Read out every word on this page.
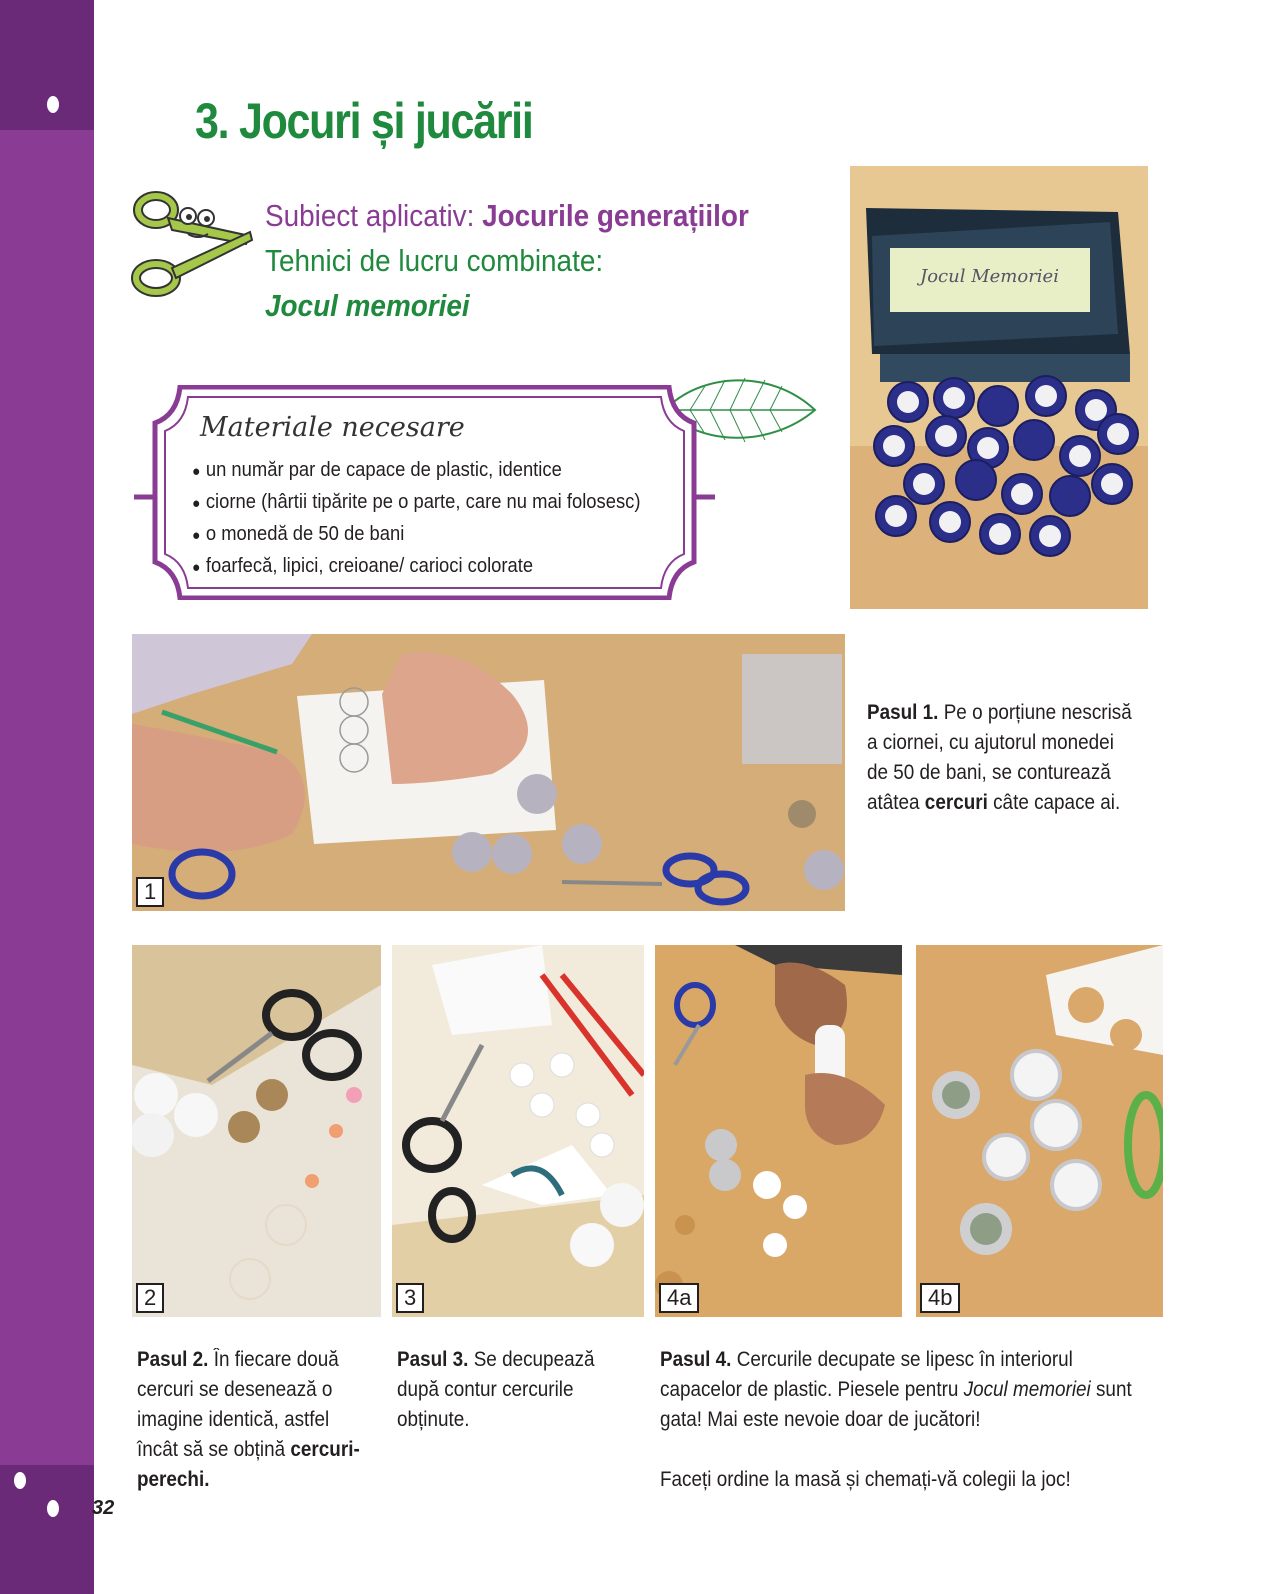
32
3. Jocuri și jucării
Subiect aplicativ: Jocurile generațiilor
Tehnici de lucru combinate:
Jocul memoriei
Materiale necesare
● un număr par de capace de plastic, identice
● ciorne (hârtii tipărite pe o parte, care nu mai folosesc)
● o monedă de 50 de bani
● foarfecă, lipici, creioane/ carioci colorate
Jocul Memoriei
1
Pasul 1. Pe o porțiune nescrisă a ciornei, cu ajutorul monedei de 50 de bani, se conturează atâtea cercuri câte capace ai.
2	3	4a	4b
Pasul 2. În fiecare două cercuri se desenează o imagine identică, astfel încât să se obțină cercuri-perechi.
Pasul 3. Se decupează după contur cercurile obținute.
Pasul 4. Cercurile decupate se lipesc în interiorul capacelor de plastic. Piesele pentru Jocul memoriei sunt gata! Mai este nevoie doar de jucători!
Faceți ordine la masă și chemați-vă colegii la joc!
